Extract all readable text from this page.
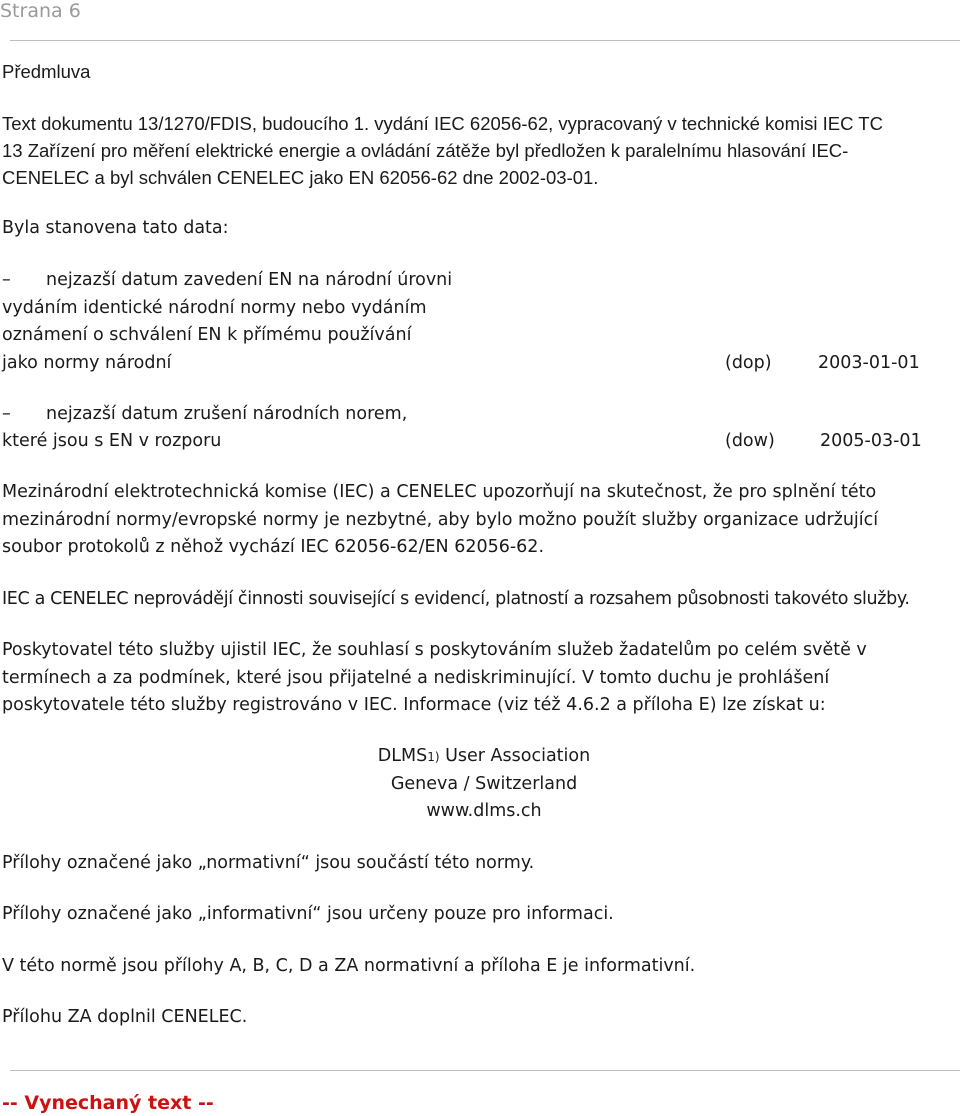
Strana 6
Předmluva
Text dokumentu 13/1270/FDIS, budoucího 1. vydání IEC 62056-62, vypracovaný v technické komisi IEC TC
13 Zařízení pro měření elektrické energie a ovládání zátěže byl předložen k paralelnímu hlasování IEC-
CENELEC a byl schválen CENELEC jako EN 62056-62 dne 2002-03-01.
Byla stanovena tato data:
– nejzazší datum zavedení EN na národní úrovni
vydáním identické národní normy nebo vydáním
oznámení o schválení EN k přímému používání
jako normy národní	(dop)	2003-01-01
– nejzazší datum zrušení národních norem,
které jsou s EN v rozporu	(dow)	2005-03-01
Mezinárodní elektrotechnická komise (IEC) a CENELEC upozorňují na skutečnost, že pro splnění této
mezinárodní normy/evropské normy je nezbytné, aby bylo možno použít služby organizace udržující
soubor protokolů z něhož vychází IEC 62056-62/EN 62056-62.
IEC a CENELEC neprovádějí činnosti související s evidencí, platností a rozsahem působnosti takovéto služby.
Poskytovatel této služby ujistil IEC, že souhlasí s poskytováním služeb žadatelům po celém světě v
termínech a za podmínek, které jsou přijatelné a nediskriminující. V tomto duchu je prohlášení
poskytovatele této služby registrováno v IEC. Informace (viz též 4.6.2 a příloha E) lze získat u:
DLMS1) User Association
Geneva / Switzerland
www.dlms.ch
Přílohy označené jako „normativní“ jsou součástí této normy.
Přílohy označené jako „informativní“ jsou určeny pouze pro informaci.
V této normě jsou přílohy A, B, C, D a ZA normativní a příloha E je informativní.
Přílohu ZA doplnil CENELEC.
-- Vynechaný text --
